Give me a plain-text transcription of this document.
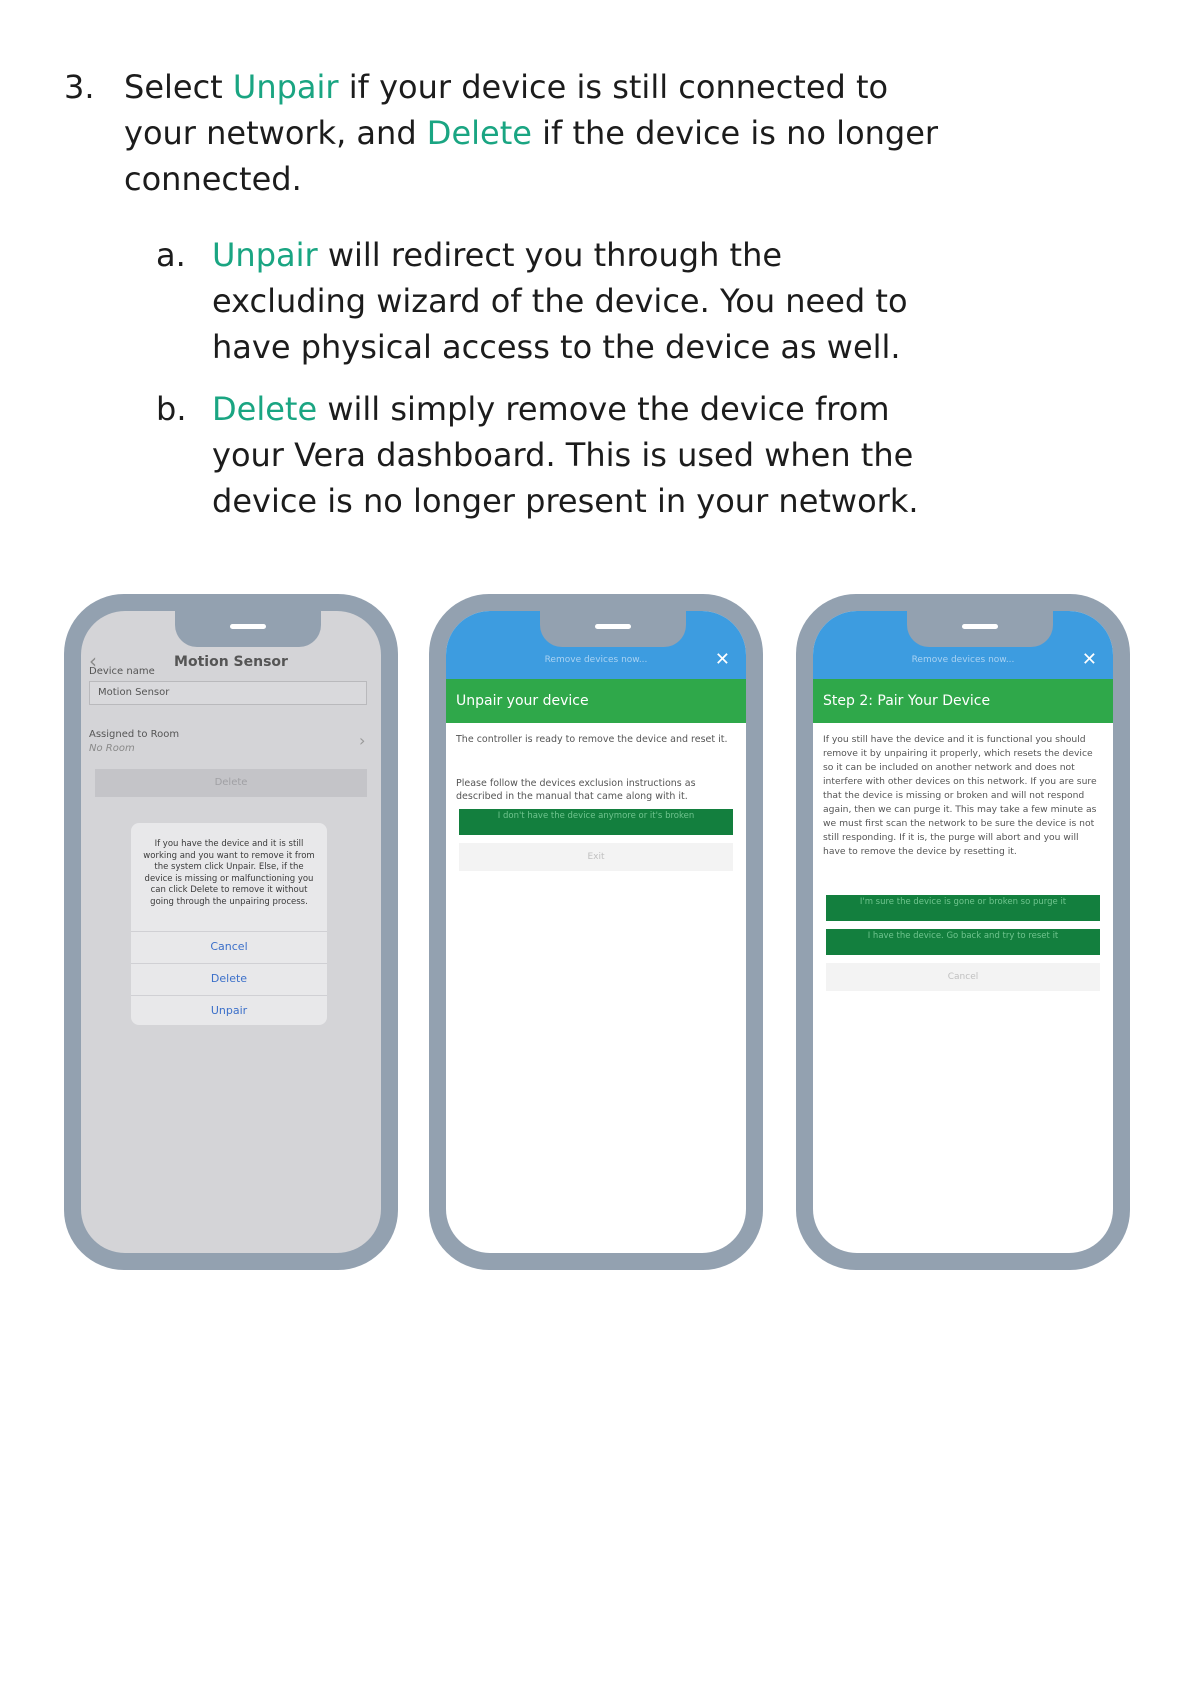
3. Select Unpair if your device is still connected to your network, and Delete if the device is no longer connected.
a. Unpair will redirect you through the excluding wizard of the device. You need to have physical access to the device as well.
b. Delete will simply remove the device from your Vera dashboard. This is used when the device is no longer present in your network.
‹	Motion Sensor
Device name
Motion Sensor
Assigned to Room
No Room	›
Delete
If you have the device and it is still working and you want to remove it from the system click Unpair. Else, if the device is missing or malfunctioning you can click Delete to remove it without going through the unpairing process.
Cancel
Delete
Unpair
Remove devices now...	✕
Unpair your device
The controller is ready to remove the device and reset it.
Please follow the devices exclusion instructions as described in the manual that came along with it.
I don't have the device anymore or it's broken
Exit
Remove devices now...	✕
Step 2: Pair Your Device
If you still have the device and it is functional you should remove it by unpairing it properly, which resets the device so it can be included on another network and does not interfere with other devices on this network. If you are sure that the device is missing or broken and will not respond again, then we can purge it. This may take a few minute as we must first scan the network to be sure the device is not still responding. If it is, the purge will abort and you will have to remove the device by resetting it.
I'm sure the device is gone or broken so purge it
I have the device. Go back and try to reset it
Cancel
